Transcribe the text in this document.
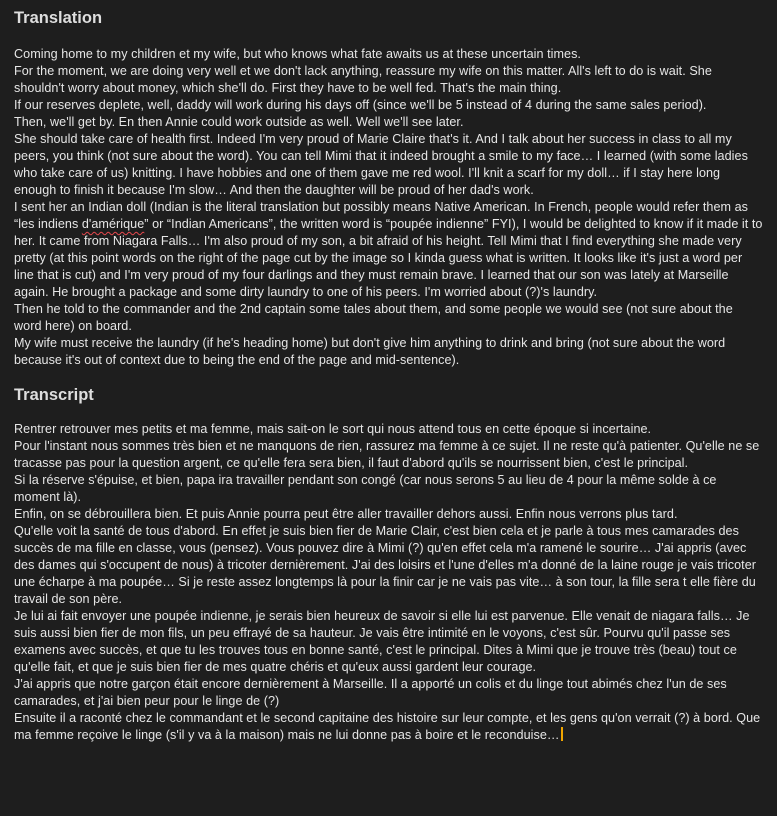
Translation

Coming home to my children et my wife, but who knows what fate awaits us at these uncertain times.

For the moment, we are doing very well et we don't lack anything, reassure my wife on this matter. All's left to do is wait. She shouldn't worry about money, which she'll do. First they have to be well fed. That's the main thing.

If our reserves deplete, well, daddy will work during his days off (since we'll be 5 instead of 4 during the same sales period).

Then, we'll get by. En then Annie could work outside as well. Well we'll see later.

She should take care of health first. Indeed I'm very proud of Marie Claire that's it. And I talk about her success in class to all my peers, you think (not sure about the word). You can tell Mimi that it indeed brought a smile to my face… I learned (with some ladies who take care of us) knitting. I have hobbies and one of them gave me red wool. I'll knit a scarf for my doll… if I stay here long enough to finish it because I'm slow… And then the daughter will be proud of her dad's work.

I sent her an Indian doll (Indian is the literal translation but possibly means Native American. In French, people would refer them as “les indiens d'amérique” or “Indian Americans”, the written word is “poupée indienne” FYI), I would be delighted to know if it made it to her. It came from Niagara Falls… I'm also proud of my son, a bit afraid of his height. Tell Mimi that I find everything she made very pretty (at this point words on the right of the page cut by the image so I kinda guess what is written. It looks like it's just a word per line that is cut) and I'm very proud of my four darlings and they must remain brave. I learned that our son was lately at Marseille again. He brought a package and some dirty laundry to one of his peers. I'm worried about (?)'s laundry.

Then he told to the commander and the 2nd captain some tales about them, and some people we would see (not sure about the word here) on board.

My wife must receive the laundry (if he's heading home) but don't give him anything to drink and bring (not sure about the word because it's out of context due to being the end of the page and mid-sentence).

Transcript

Rentrer retrouver mes petits et ma femme, mais sait-on le sort qui nous attend tous en cette époque si incertaine.

Pour l'instant nous sommes très bien et ne manquons de rien, rassurez ma femme à ce sujet. Il ne reste qu'à patienter. Qu'elle ne se tracasse pas pour la question argent, ce qu'elle fera sera bien, il faut d'abord qu'ils se nourrissent bien, c'est le principal.

Si la réserve s'épuise, et bien, papa ira travailler pendant son congé (car nous serons 5 au lieu de 4 pour la même solde à ce moment là).

Enfin, on se débrouillera bien. Et puis Annie pourra peut être aller travailler dehors aussi. Enfin nous verrons plus tard.

Qu'elle voit la santé de tous d'abord. En effet je suis bien fier de Marie Clair, c'est bien cela et je parle à tous mes camarades des succès de ma fille en classe, vous (pensez). Vous pouvez dire à Mimi (?) qu'en effet cela m'a ramené le sourire… J'ai appris (avec des dames qui s'occupent de nous) à tricoter dernièrement. J'ai des loisirs et l'une d'elles m'a donné de la laine rouge je vais tricoter une écharpe à ma poupée… Si je reste assez longtemps là pour la finir car je ne vais pas vite… à son tour, la fille sera t elle fière du travail de son père.

Je lui ai fait envoyer une poupée indienne, je serais bien heureux de savoir si elle lui est parvenue. Elle venait de niagara falls… Je suis aussi bien fier de mon fils, un peu effrayé de sa hauteur. Je vais être intimité en le voyons, c'est sûr. Pourvu qu'il passe ses examens avec succès, et que tu les trouves tous en bonne santé, c'est le principal. Dites à Mimi que je trouve très (beau) tout ce qu'elle fait, et que je suis bien fier de mes quatre chéris et qu'eux aussi gardent leur courage.

J'ai appris que notre garçon était encore dernièrement à Marseille. Il a apporté un colis et du linge tout abimés chez l'un de ses camarades, et j'ai bien peur pour le linge de (?)

Ensuite il a raconté chez le commandant et le second capitaine des histoire sur leur compte, et les gens qu'on verrait (?) à bord. Que ma femme reçoive le linge (s'il y va à la maison) mais ne lui donne pas à boire et le reconduise…
